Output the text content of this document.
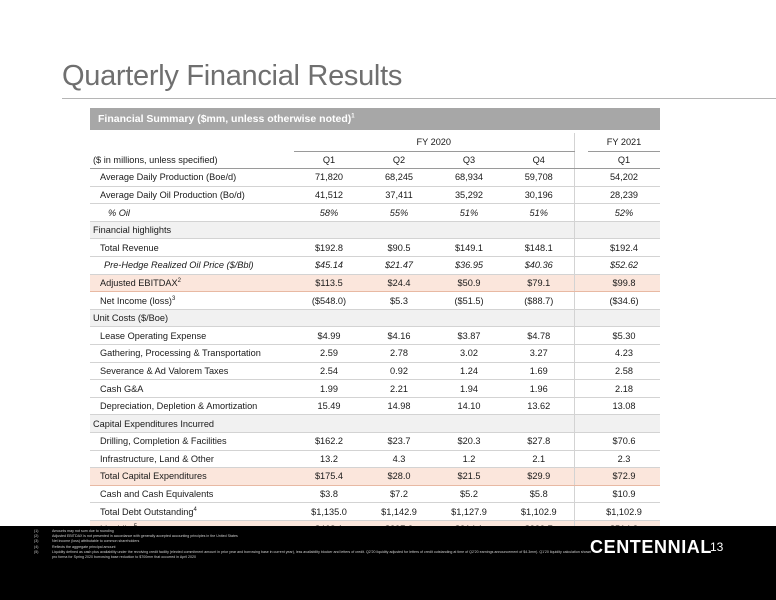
Quarterly Financial Results
Financial Summary ($mm, unless otherwise noted)$^1$
		FY 2020					FY 2021
($ in millions, unless specified)		Q1	Q2	Q3	Q4		Q1
Average Daily Production (Boe/d)		71,820	68,245	68,934	59,708		54,202
Average Daily Oil Production (Bo/d)		41,512	37,411	35,292	30,196		28,239
% Oil		58%	55%	51%	51%		52%
Financial highlights							
Total Revenue		$192.8	$90.5	$149.1	$148.1		$192.4
Pre-Hedge Realized Oil Price ($/Bbl)		$45.14	$21.47	$36.95	$40.36		$52.62
Adjusted EBITDAX$^2$		$113.5	$24.4	$50.9	$79.1		$99.8
Net Income (loss)$^3$		($548.0)	$5.3	($51.5)	($88.7)		($34.6)
Unit Costs ($/Boe)							
Lease Operating Expense		$4.99	$4.16	$3.87	$4.78		$5.30
Gathering, Processing & Transportation		2.59	2.78	3.02	3.27		4.23
Severance & Ad Valorem Taxes		2.54	0.92	1.24	1.69		2.58
Cash G&A		1.99	2.21	1.94	1.96		2.18
Depreciation, Depletion & Amortization		15.49	14.98	14.10	13.62		13.08
Capital Expenditures Incurred							
Drilling, Completion & Facilities		$162.2	$23.7	$20.3	$27.8		$70.6
Infrastructure, Land & Other		13.2	4.3	1.2	2.1		2.3
Total Capital Expenditures		$175.4	$28.0	$21.5	$29.9		$72.9
Cash and Cash Equivalents		$3.8	$7.2	$5.2	$5.8		$10.9
Total Debt Outstanding$^4$		$1,135.0	$1,142.9	$1,127.9	$1,102.9		$1,102.9

(1)	Amounts may not sum due to rounding
(2)	Adjusted EBITDAX is not presented in accordance with generally accepted accounting principles in the United States
(3)	Net income (loss) attributable to common shareholders
(4)	Reflects the aggregate principal amount
(5)	Liquidity defined as cash plus availability under the revolving credit facility (elected commitment amount in prior year and borrowing base in current year), less availability blocker and letters of credit. Q2'20 liquidity adjusted for letters of credit outstanding at time of Q2'20 earnings announcement of $4.3mm). Q1'20 liquidity calculation shown pro forma for Spring 2020 borrowing base reduction to $700mm that occurred in April 2020
CENTENNIAL
13
